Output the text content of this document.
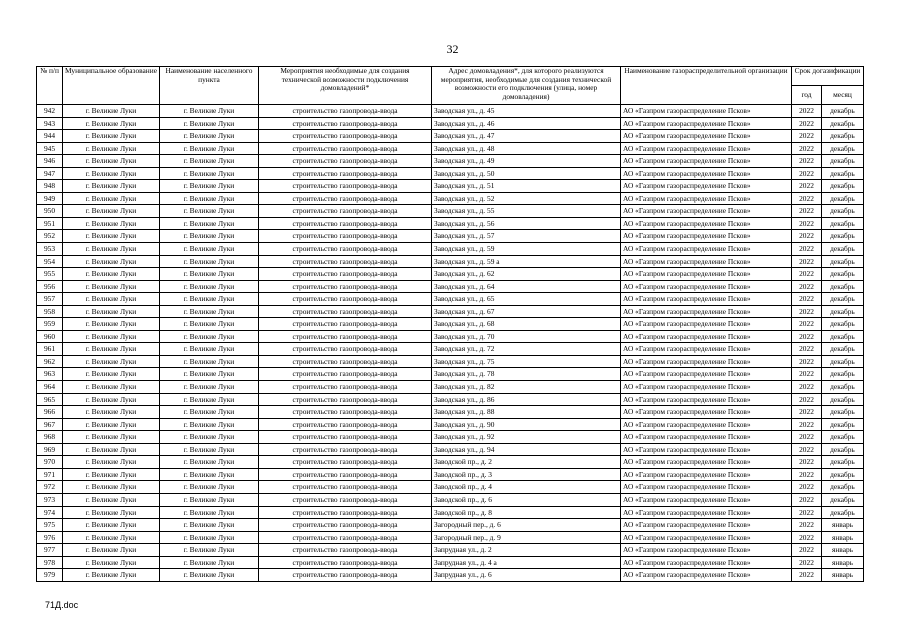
32
№ п/п	Муниципальное образование	Наименование населенного пункта	Мероприятия необходимые для создания технической возможности подключения домовладений*	Адрес домовладения*, для которого реализуются мероприятия, необходимые для создания технической возможности его подключения (улица, номер домовладения)	Наименование газораспределительной организации	Срок догазификации	
						год	месяц
942	г. Великие Луки	г. Великие Луки	строительство газопровода-ввода	Заводская ул., д. 45	АО «Газпром газораспределение Псков»	2022	декабрь
943	г. Великие Луки	г. Великие Луки	строительство газопровода-ввода	Заводская ул., д. 46	АО «Газпром газораспределение Псков»	2022	декабрь
944	г. Великие Луки	г. Великие Луки	строительство газопровода-ввода	Заводская ул., д. 47	АО «Газпром газораспределение Псков»	2022	декабрь
945	г. Великие Луки	г. Великие Луки	строительство газопровода-ввода	Заводская ул., д. 48	АО «Газпром газораспределение Псков»	2022	декабрь
946	г. Великие Луки	г. Великие Луки	строительство газопровода-ввода	Заводская ул., д. 49	АО «Газпром газораспределение Псков»	2022	декабрь
947	г. Великие Луки	г. Великие Луки	строительство газопровода-ввода	Заводская ул., д. 50	АО «Газпром газораспределение Псков»	2022	декабрь
948	г. Великие Луки	г. Великие Луки	строительство газопровода-ввода	Заводская ул., д. 51	АО «Газпром газораспределение Псков»	2022	декабрь
949	г. Великие Луки	г. Великие Луки	строительство газопровода-ввода	Заводская ул., д. 52	АО «Газпром газораспределение Псков»	2022	декабрь
950	г. Великие Луки	г. Великие Луки	строительство газопровода-ввода	Заводская ул., д. 55	АО «Газпром газораспределение Псков»	2022	декабрь
951	г. Великие Луки	г. Великие Луки	строительство газопровода-ввода	Заводская ул., д. 56	АО «Газпром газораспределение Псков»	2022	декабрь
952	г. Великие Луки	г. Великие Луки	строительство газопровода-ввода	Заводская ул., д. 57	АО «Газпром газораспределение Псков»	2022	декабрь
953	г. Великие Луки	г. Великие Луки	строительство газопровода-ввода	Заводская ул., д. 59	АО «Газпром газораспределение Псков»	2022	декабрь
954	г. Великие Луки	г. Великие Луки	строительство газопровода-ввода	Заводская ул., д. 59 а	АО «Газпром газораспределение Псков»	2022	декабрь
955	г. Великие Луки	г. Великие Луки	строительство газопровода-ввода	Заводская ул., д. 62	АО «Газпром газораспределение Псков»	2022	декабрь
956	г. Великие Луки	г. Великие Луки	строительство газопровода-ввода	Заводская ул., д. 64	АО «Газпром газораспределение Псков»	2022	декабрь
957	г. Великие Луки	г. Великие Луки	строительство газопровода-ввода	Заводская ул., д. 65	АО «Газпром газораспределение Псков»	2022	декабрь
958	г. Великие Луки	г. Великие Луки	строительство газопровода-ввода	Заводская ул., д. 67	АО «Газпром газораспределение Псков»	2022	декабрь
959	г. Великие Луки	г. Великие Луки	строительство газопровода-ввода	Заводская ул., д. 68	АО «Газпром газораспределение Псков»	2022	декабрь
960	г. Великие Луки	г. Великие Луки	строительство газопровода-ввода	Заводская ул., д. 70	АО «Газпром газораспределение Псков»	2022	декабрь
961	г. Великие Луки	г. Великие Луки	строительство газопровода-ввода	Заводская ул., д. 72	АО «Газпром газораспределение Псков»	2022	декабрь
962	г. Великие Луки	г. Великие Луки	строительство газопровода-ввода	Заводская ул., д. 75	АО «Газпром газораспределение Псков»	2022	декабрь
963	г. Великие Луки	г. Великие Луки	строительство газопровода-ввода	Заводская ул., д. 78	АО «Газпром газораспределение Псков»	2022	декабрь
964	г. Великие Луки	г. Великие Луки	строительство газопровода-ввода	Заводская ул., д. 82	АО «Газпром газораспределение Псков»	2022	декабрь
965	г. Великие Луки	г. Великие Луки	строительство газопровода-ввода	Заводская ул., д. 86	АО «Газпром газораспределение Псков»	2022	декабрь
966	г. Великие Луки	г. Великие Луки	строительство газопровода-ввода	Заводская ул., д. 88	АО «Газпром газораспределение Псков»	2022	декабрь
967	г. Великие Луки	г. Великие Луки	строительство газопровода-ввода	Заводская ул., д. 90	АО «Газпром газораспределение Псков»	2022	декабрь
968	г. Великие Луки	г. Великие Луки	строительство газопровода-ввода	Заводская ул., д. 92	АО «Газпром газораспределение Псков»	2022	декабрь
969	г. Великие Луки	г. Великие Луки	строительство газопровода-ввода	Заводская ул., д. 94	АО «Газпром газораспределение Псков»	2022	декабрь
970	г. Великие Луки	г. Великие Луки	строительство газопровода-ввода	Заводской пр., д. 2	АО «Газпром газораспределение Псков»	2022	декабрь
971	г. Великие Луки	г. Великие Луки	строительство газопровода-ввода	Заводской пр., д. 3	АО «Газпром газораспределение Псков»	2022	декабрь
972	г. Великие Луки	г. Великие Луки	строительство газопровода-ввода	Заводской пр., д. 4	АО «Газпром газораспределение Псков»	2022	декабрь
973	г. Великие Луки	г. Великие Луки	строительство газопровода-ввода	Заводской пр., д. 6	АО «Газпром газораспределение Псков»	2022	декабрь
974	г. Великие Луки	г. Великие Луки	строительство газопровода-ввода	Заводской пр., д. 8	АО «Газпром газораспределение Псков»	2022	декабрь
975	г. Великие Луки	г. Великие Луки	строительство газопровода-ввода	Загородный пер., д. 6	АО «Газпром газораспределение Псков»	2022	январь
976	г. Великие Луки	г. Великие Луки	строительство газопровода-ввода	Загородный пер., д. 9	АО «Газпром газораспределение Псков»	2022	январь
977	г. Великие Луки	г. Великие Луки	строительство газопровода-ввода	Запрудная ул., д. 2	АО «Газпром газораспределение Псков»	2022	январь
978	г. Великие Луки	г. Великие Луки	строительство газопровода-ввода	Запрудная ул., д. 4 а	АО «Газпром газораспределение Псков»	2022	январь
979	г. Великие Луки	г. Великие Луки	строительство газопровода-ввода	Запрудная ул., д. 6	АО «Газпром газораспределение Псков»	2022	январь
71Д.doc
